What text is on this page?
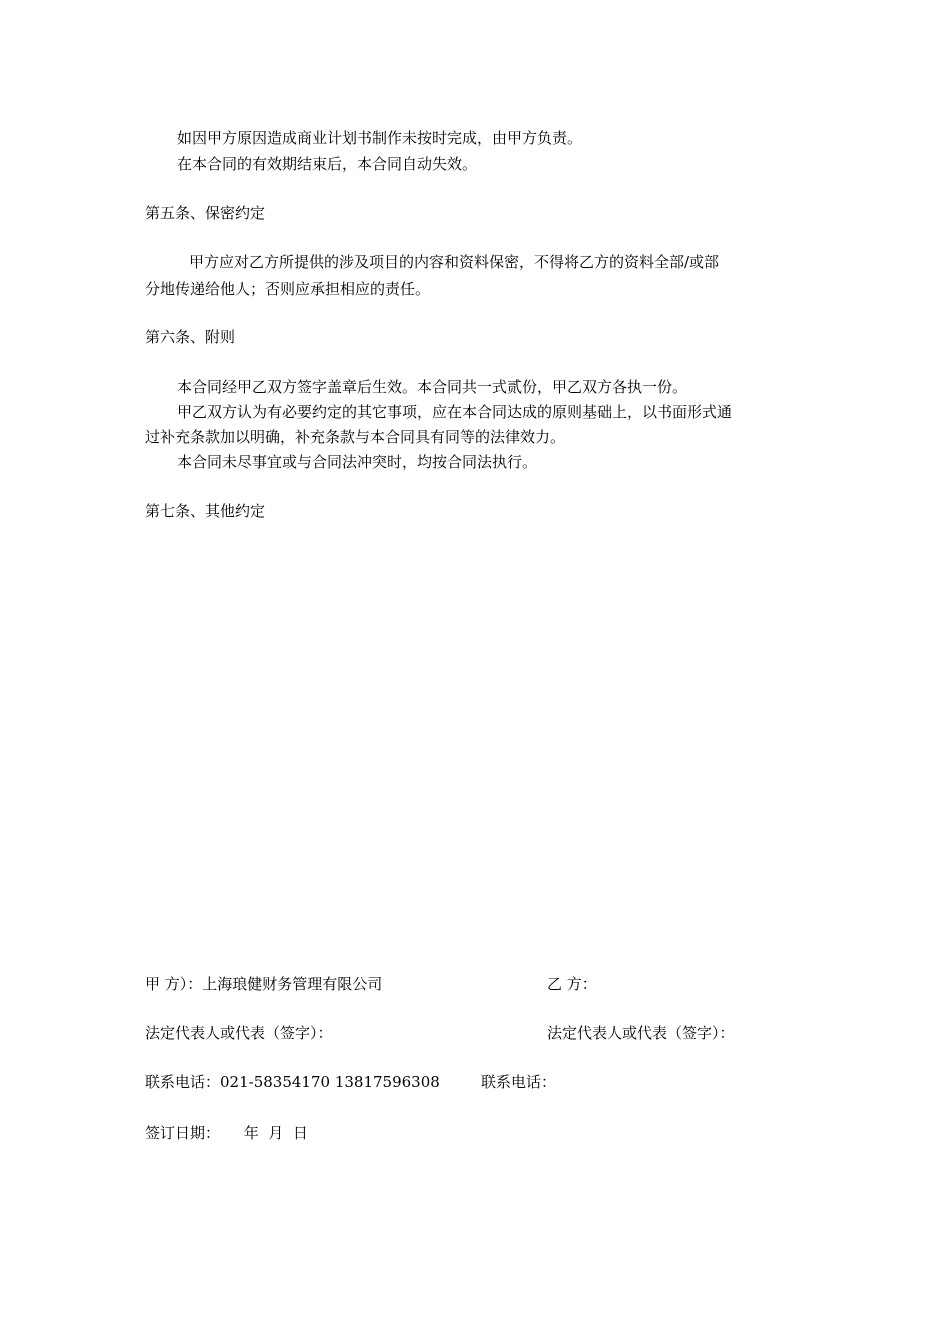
如因甲方原因造成商业计划书制作未按时完成，由甲方负责。
在本合同的有效期结束后，本合同自动失效。
第五条、保密约定
甲方应对乙方所提供的涉及项目的内容和资料保密，不得将乙方的资料全部/或部
分地传递给他人；否则应承担相应的责任。
第六条、附则
本合同经甲乙双方签字盖章后生效。本合同共一式贰份，甲乙双方各执一份。
甲乙双方认为有必要约定的其它事项，应在本合同达成的原则基础上，以书面形式通
过补充条款加以明确，补充条款与本合同具有同等的法律效力。
本合同未尽事宜或与合同法冲突时，均按合同法执行。
第七条、其他约定
甲 方）：上海琅健财务管理有限公司	乙 方：
法定代表人或代表（签字）：	法定代表人或代表（签字）：
联系电话：021-58354170 13817596308	联系电话：
签订日期：     年  月  日
